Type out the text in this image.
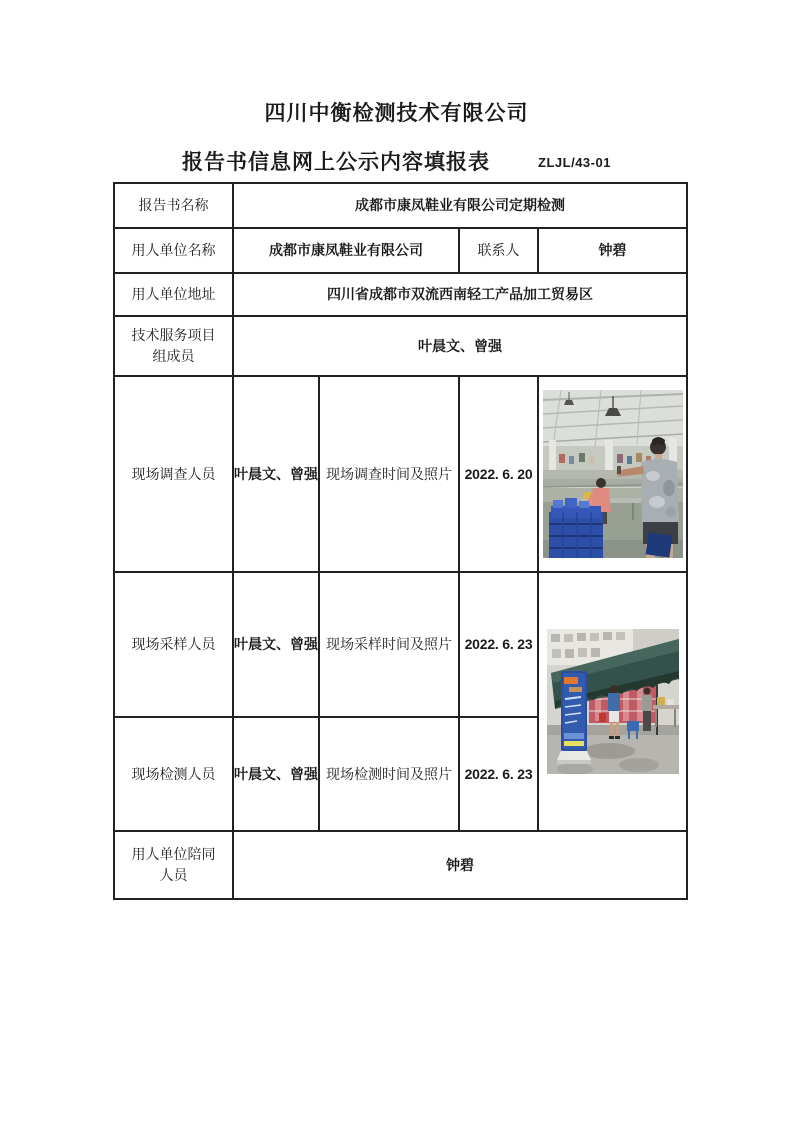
四川中衡检测技术有限公司
报告书信息网上公示内容填报表	ZLJL/43-01
报告书名称	成都市康凤鞋业有限公司定期检测			
用人单位名称	成都市康凤鞋业有限公司		联系人	钟碧
用人单位地址	四川省成都市双流西南轻工产品加工贸易区			
技术服务项目组成员	叶晨文、曾强			
现场调查人员	叶晨文、曾强	现场调查时间及照片	2022. 6. 20	

现场采样人员	叶晨文、曾强	现场采样时间及照片	2022. 6. 23	

现场检测人员	叶晨文、曾强	现场检测时间及照片	2022. 6. 23	
用人单位陪同人员	钟碧			
